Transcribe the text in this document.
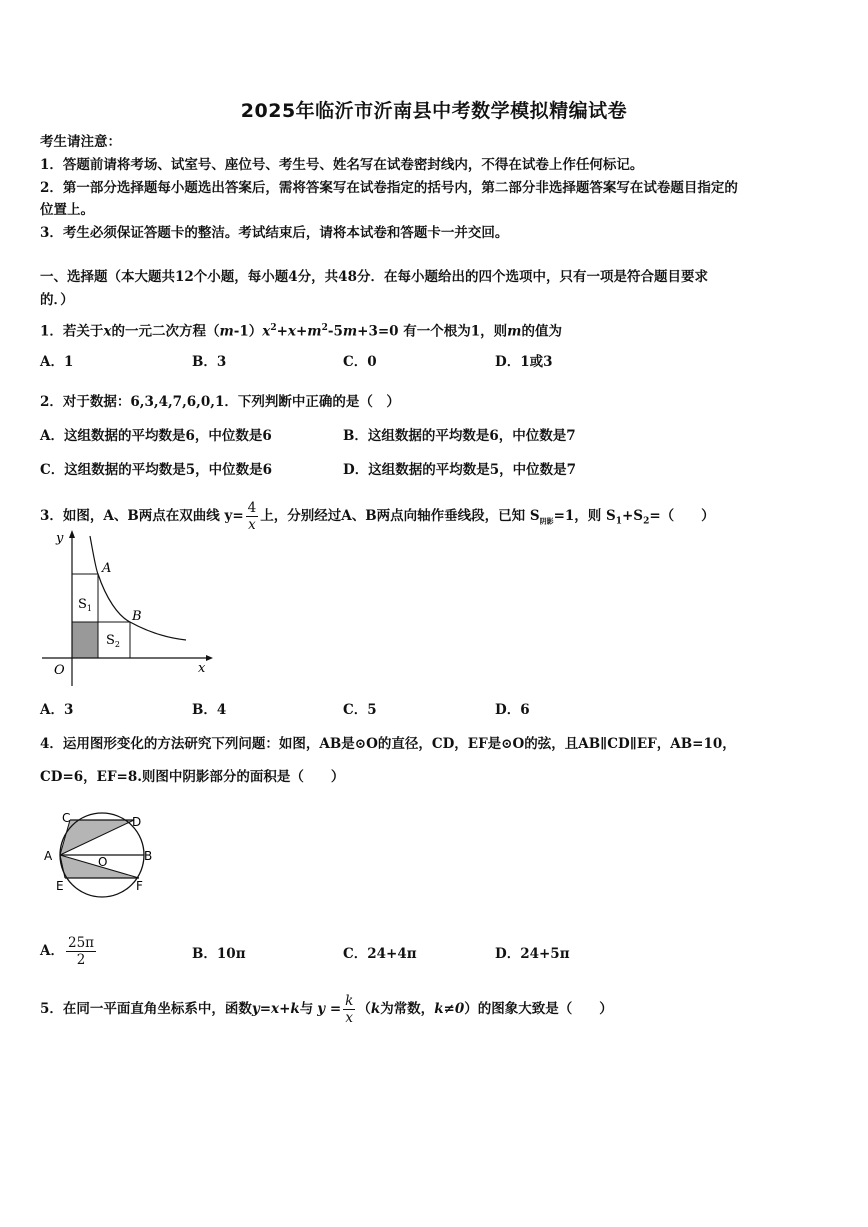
2025年临沂市沂南县中考数学模拟精编试卷
考生请注意：
1．答题前请将考场、试室号、座位号、考生号、姓名写在试卷密封线内，不得在试卷上作任何标记。
2．第一部分选择题每小题选出答案后，需将答案写在试卷指定的括号内，第二部分非选择题答案写在试卷题目指定的
位置上。
3．考生必须保证答题卡的整洁。考试结束后，请将本试卷和答题卡一并交回。
一、选择题（本大题共12个小题，每小题4分，共48分．在每小题给出的四个选项中，只有一项是符合题目要求
的．）
1．若关于x的一元二次方程$(m-1)x^2+x+m^2-5m+3=0$ 有一个根为1，则m的值为
A．1	B．3	C．0	D．1或3
2．对于数据：6,3,4,7,6,0,1．下列判断中正确的是（　）
A．这组数据的平均数是6，中位数是6	B．这组数据的平均数是6，中位数是7
C．这组数据的平均数是5，中位数是6	D．这组数据的平均数是5，中位数是7
3．如图，A、B两点在双曲线 $y= \frac{4}{x}$ 上，分别经过A、B两点向轴作垂线段，已知 $S_{阴影}=1$，则 $S_1+S_2=$（　　）
y
x
O
A
B
$S_1$
$S_2$
A．3	B．4	C．5	D．6
4．运用图形变化的方法研究下列问题：如图，AB是⊙O的直径，CD，EF是⊙O的弦，且AB∥CD∥EF，AB=10，
CD=6，EF=8.则图中阴影部分的面积是（　　）
C	D
A	B
O
E	F
A． $\frac{25\pi}{2}$	B．10π	C．24+4π	D．24+5π
5．在同一平面直角坐标系中，函数y=x+k与 $y = \frac{k}{x} (k$为常数，k≠0）的图象大致是（　　）
